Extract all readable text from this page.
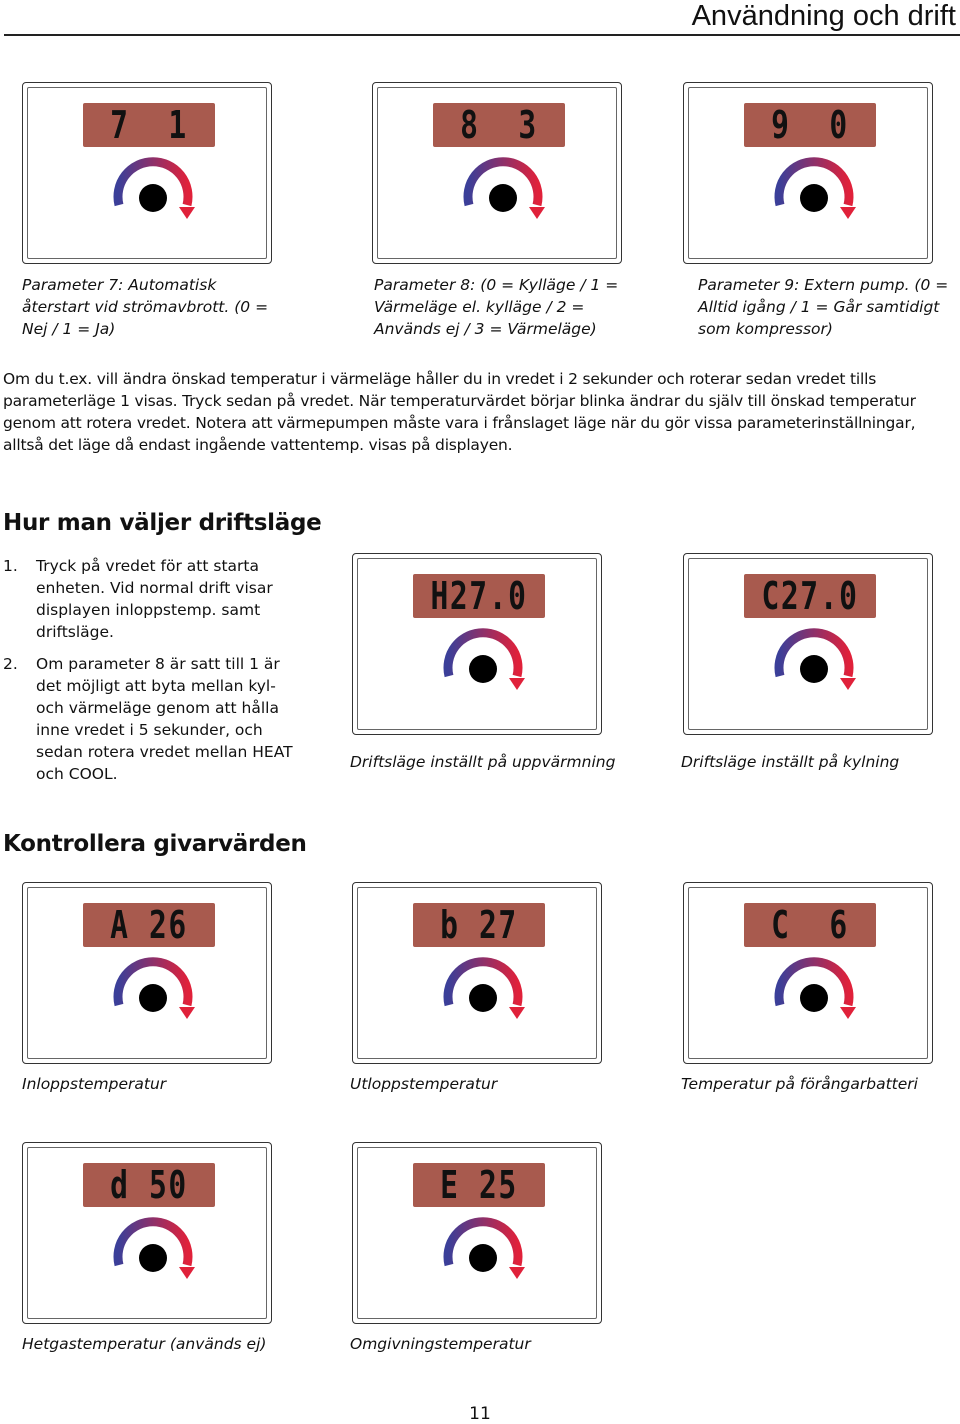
Användning och drift
7  1
Parameter 7: Automatisk återstart vid strömavbrott. (0 = Nej / 1 = Ja)
8  3
Parameter 8: (0 = Kylläge / 1 = Värmeläge el. kylläge / 2 = Används ej / 3 = Värmeläge)
9  0
Parameter 9: Extern pump. (0 = Alltid igång / 1 = Går samtidigt som kompressor)
Om du t.ex. vill ändra önskad temperatur i värmeläge håller du in vredet i 2 sekunder och roterar sedan vredet tills parameterläge 1 visas. Tryck sedan på vredet. När temperaturvärdet börjar blinka ändrar du själv till önskad temperatur genom att rotera vredet. Notera att värmepumpen måste vara i frånslaget läge när du gör vissa parameterinställningar, alltså det läge då endast ingående vattentemp. visas på displayen.
Hur man väljer driftsläge
1. Tryck på vredet för att starta enheten. Vid normal drift visar displayen inloppstemp. samt driftsläge.
2. Om parameter 8 är satt till 1 är det möjligt att byta mellan kyl- och värmeläge genom att hålla inne vredet i 5 sekunder, och sedan rotera vredet mellan HEAT och COOL.
H27.0
Driftsläge inställt på uppvärmning
C27.0
Driftsläge inställt på kylning
Kontrollera givarvärden
A 26
Inloppstemperatur
b 27
Utloppstemperatur
C  6
Temperatur på förångarbatteri
d 50
Hetgastemperatur (används ej)
E 25
Omgivningstemperatur
11
